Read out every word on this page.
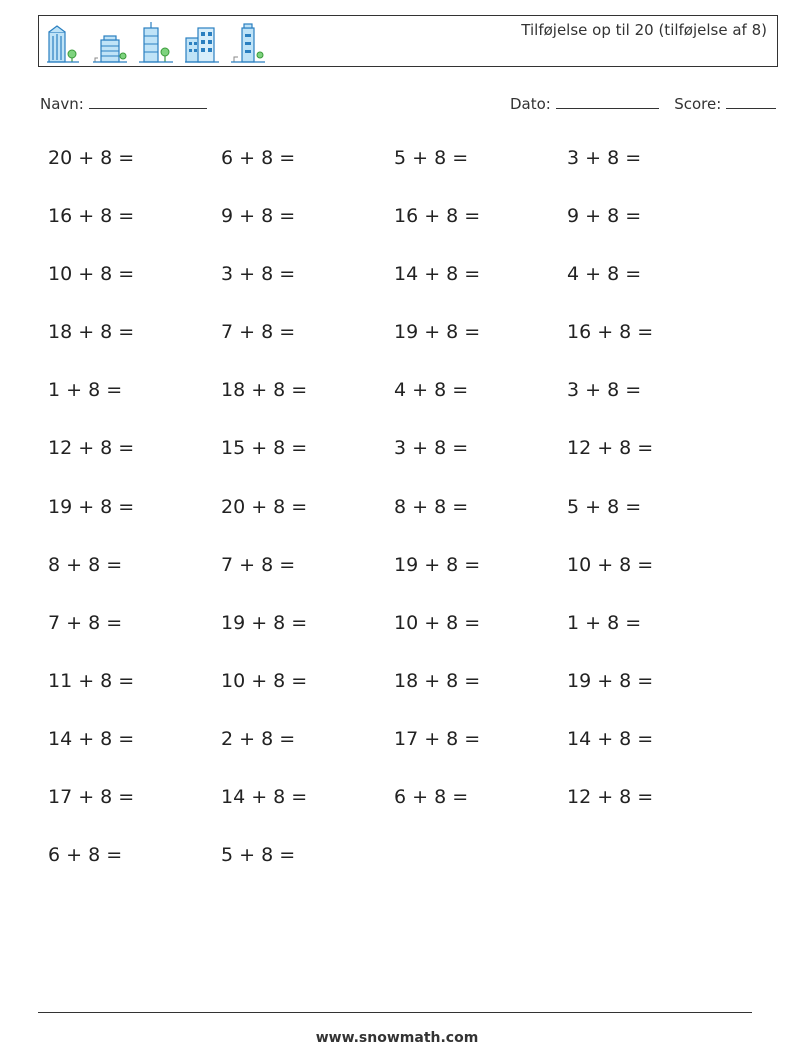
Tilføjelse op til 20 (tilføjelse af 8)
Navn:	Dato:	Score:
20 + 8 =	6 + 8 =	5 + 8 =	3 + 8 =
16 + 8 =	9 + 8 =	16 + 8 =	9 + 8 =
10 + 8 =	3 + 8 =	14 + 8 =	4 + 8 =
18 + 8 =	7 + 8 =	19 + 8 =	16 + 8 =
1 + 8 =	18 + 8 =	4 + 8 =	3 + 8 =
12 + 8 =	15 + 8 =	3 + 8 =	12 + 8 =
19 + 8 =	20 + 8 =	8 + 8 =	5 + 8 =
8 + 8 =	7 + 8 =	19 + 8 =	10 + 8 =
7 + 8 =	19 + 8 =	10 + 8 =	1 + 8 =
11 + 8 =	10 + 8 =	18 + 8 =	19 + 8 =
14 + 8 =	2 + 8 =	17 + 8 =	14 + 8 =
17 + 8 =	14 + 8 =	6 + 8 =	12 + 8 =
6 + 8 =	5 + 8 =
www.snowmath.com
